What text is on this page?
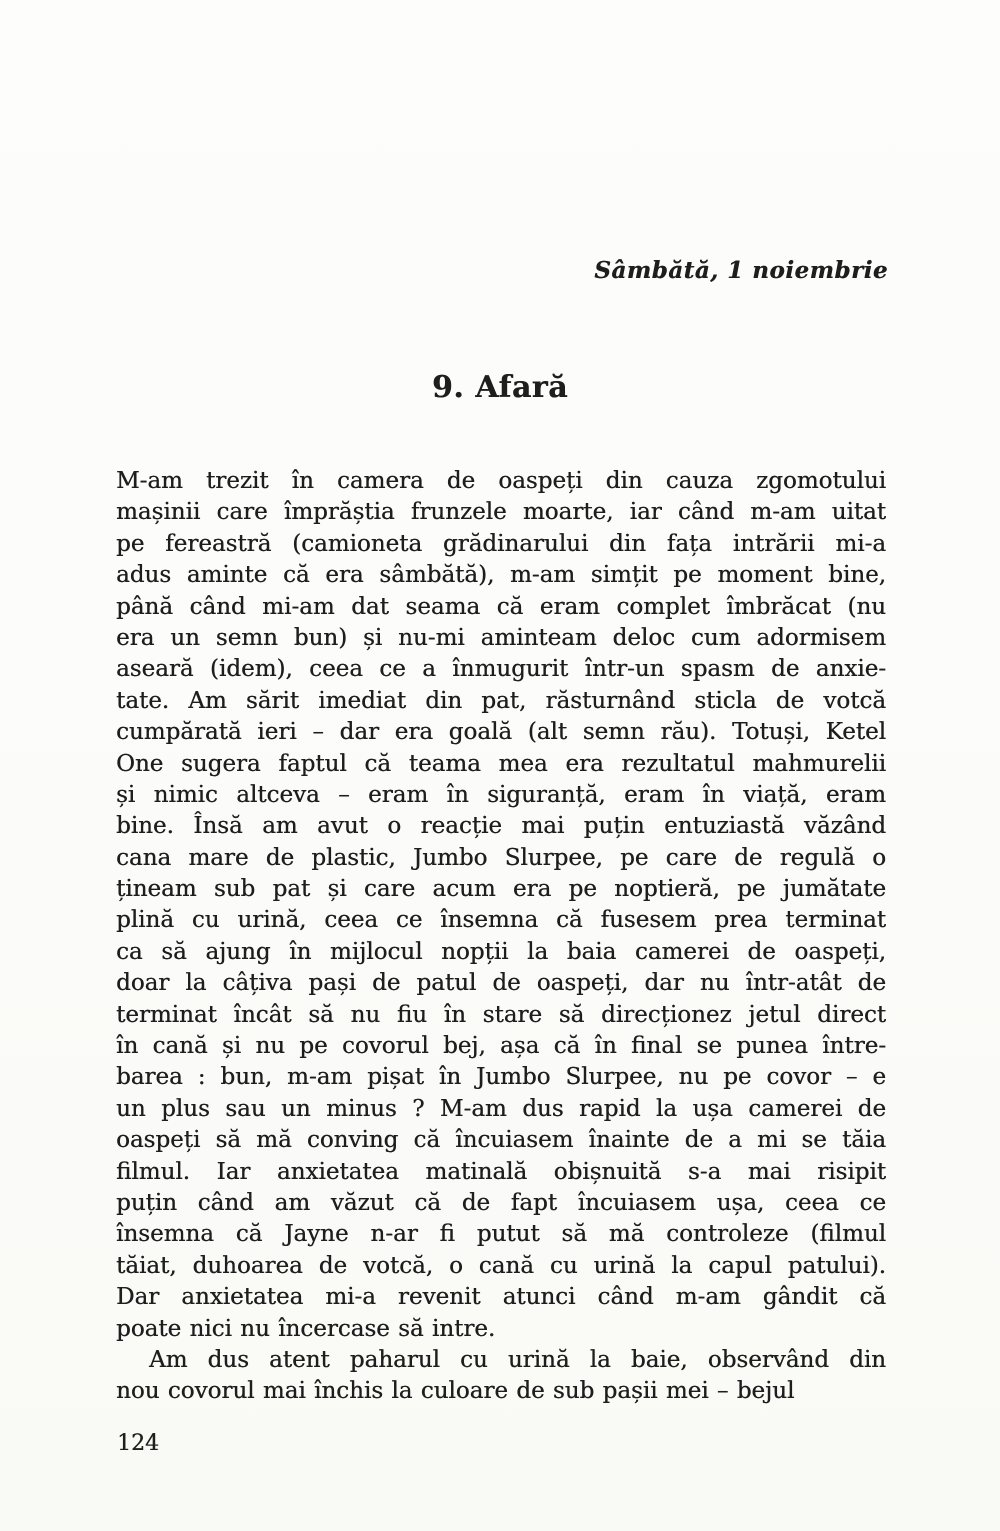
Sâmbătă, 1 noiembrie
9. Afară
M-am trezit în camera de oaspeți din cauza zgomotului
mașinii care împrăștia frunzele moarte, iar când m-am uitat
pe fereastră (camioneta grădinarului din fața intrării mi-a
adus aminte că era sâmbătă), m-am simțit pe moment bine,
până când mi-am dat seama că eram complet îmbrăcat (nu
era un semn bun) și nu-mi aminteam deloc cum adormisem
aseară (idem), ceea ce a înmugurit într-un spasm de anxie-
tate. Am sărit imediat din pat, răsturnând sticla de votcă
cumpărată ieri – dar era goală (alt semn rău). Totuși, Ketel
One sugera faptul că teama mea era rezultatul mahmurelii
și nimic altceva – eram în siguranță, eram în viață, eram
bine. Însă am avut o reacție mai puțin entuziastă văzând
cana mare de plastic, Jumbo Slurpee, pe care de regulă o
țineam sub pat și care acum era pe noptieră, pe jumătate
plină cu urină, ceea ce însemna că fusesem prea terminat
ca să ajung în mijlocul nopții la baia camerei de oaspeți,
doar la câțiva pași de patul de oaspeți, dar nu într-atât de
terminat încât să nu fiu în stare să direcționez jetul direct
în cană și nu pe covorul bej, așa că în final se punea între-
barea : bun, m-am pișat în Jumbo Slurpee, nu pe covor – e
un plus sau un minus ? M-am dus rapid la ușa camerei de
oaspeți să mă conving că încuiasem înainte de a mi se tăia
filmul. Iar anxietatea matinală obișnuită s-a mai risipit
puțin când am văzut că de fapt încuiasem ușa, ceea ce
însemna că Jayne n-ar fi putut să mă controleze (filmul
tăiat, duhoarea de votcă, o cană cu urină la capul patului).
Dar anxietatea mi-a revenit atunci când m-am gândit că
poate nici nu încercase să intre.
Am dus atent paharul cu urină la baie, observând din
nou covorul mai închis la culoare de sub pașii mei – bejul
124
